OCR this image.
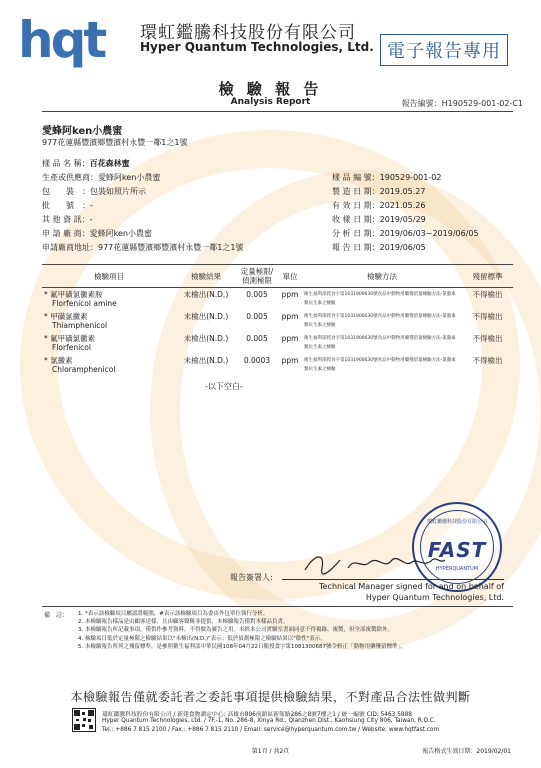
hqt	環虹鑑騰科技股份有限公司
Hyper Quantum Technologies, Ltd. 電子報告專用
檢 驗 報 告
Analysis Report	報告編號：H190529-001-02-C1
愛蜂阿ken小農蜜
977花蓮縣豐濱鄉豐濱村永豐一鄰1之1號
樣 品 名 稱：百花森林蜜
生產或供應商：愛蜂阿ken小農蜜
包　　裝　：包裝如照片所示
批　　號　：-
其 他 資 訊：-
申 請 廠 商：愛蜂阿ken小農蜜
申請廠商地址：977花蓮縣豐濱鄉豐濱村永豐一鄰1之1號
樣 品 編 號：190529-001-02
製 造 日 期：2019.05.27
有 效 日 期：2021.05.26
收 樣 日 期：2019/05/29
分 析 日 期：2019/06/03~2019/06/05
報 告 日 期：2019/06/05
檢驗項目	檢驗結果	定量極限/偵測極限	單位	檢驗方法	殘留標準

* 氟甲磺氯黴素胺
Florfenicol amine	未檢出(N.D.)	0.005	ppm	衛生福利部授食字第1031900630號食品中動物用藥殘留量檢驗方法-氯黴素類抗生素之檢驗	不得檢出

* 甲磺氯黴素
Thiamphenicol	未檢出(N.D.)	0.005	ppm	衛生福利部授食字第1031900630號食品中動物用藥殘留量檢驗方法-氯黴素類抗生素之檢驗	不得檢出

* 氟甲磺氯黴素
Florfenicol	未檢出(N.D.)	0.005	ppm	衛生福利部授食字第1031900630號食品中動物用藥殘留量檢驗方法-氯黴素類抗生素之檢驗	不得檢出

* 氯黴素
Chloramphenicol	未檢出(N.D.)	0.0003	ppm	衛生福利部授食字第1031900630號食品中動物用藥殘留量檢驗方法-氯黴素類抗生素之檢驗	不得檢出
-以下空白-
環虹鑑騰科技股份有限公司
FAST
HYPERQUANTUM
報告簽署人:
Technical Manager signed for and on behalf of
Hyper Quantum Technologies, Ltd.
備　註： 1. *表示該檢驗項目屬認證範圍，#表示該檢驗項目為委由外包單位執行分析。
2. 本檢驗報告樣品是由顧客送樣，且由顧客聲稱並提供，本檢驗報告僅對本樣品負責。
3. 本檢驗報告所記載事項，僅供作參考資料，不得做為廣告之用。未經本公司實驗室書面同意不得複錄、複製，但全部複製除外。
4. 檢驗項目低於定量極限之檢驗結果以"未檢出(N.D.)"表示；低於偵測極限之檢驗結果以"陰性"表示。
5. 本檢驗報告所列之殘留標準，是參照衛生福利部中華民國108年04月22日衛授食字第1081300687號令修正「動物用藥殘留標準」。
本檢驗報告僅就委託者之委託事項提供檢驗結果，不對產品合法性做判斷
環虹鑑騰科技股份有限公司 / 新建食物測定中心: 高雄市806前鎮區新衙路286之8號7樓之1 / 統一編號 CID: 5463 5888
Hyper Quantum Technologies, Ltd. / 7F.-1, No. 286-8, Xinya Rd., Qianzhen Dist., Kaohsiung City 806, Taiwan, R.O.C.
Tel.: +886 7 815 2100 / Fax.: +886 7 815 2110 / Email: service@hyperquantum.com.tw / Website: www.hqtfast.com
第1頁 / 共2頁	報告格式生效日期：2019/02/01
